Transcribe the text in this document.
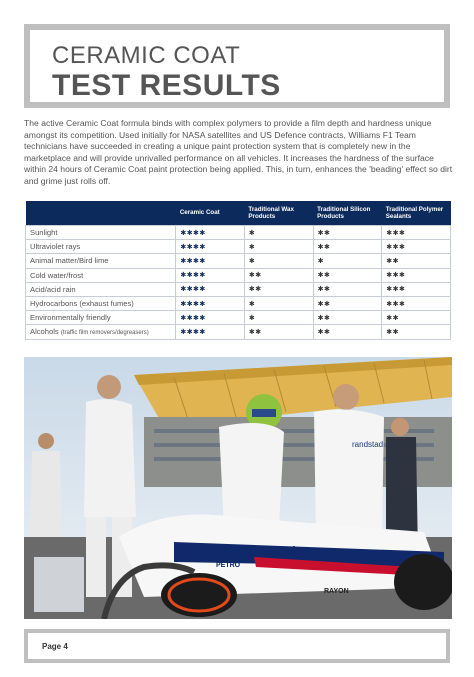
CERAMIC COAT
TEST RESULTS

The active Ceramic Coat formula binds with complex polymers to provide a film depth and hardness unique amongst its competition. Used initially for NASA satellites and US Defence contracts, Williams F1 Team technicians have succeeded in creating a unique paint protection system that is completely new in the marketplace and will provide unrivalled performance on all vehicles. It increases the hardness of the surface within 24 hours of Ceramic Coat paint protection being applied. This, in turn, enhances the 'beading' effect so dirt and grime just rolls off.

	Ceramic Coat	Traditional Wax Products	Traditional Silicon Products	Traditional Polymer Sealants
Sunlight	✱✱✱✱	✱	✱✱	✱✱✱
Ultraviolet rays	✱✱✱✱	✱	✱✱	✱✱✱
Animal matter/Bird lime	✱✱✱✱	✱	✱	✱✱
Cold water/frost	✱✱✱✱	✱✱	✱✱	✱✱✱
Acid/acid rain	✱✱✱✱	✱✱	✱✱	✱✱✱
Hydrocarbons (exhaust fumes)	✱✱✱✱	✱	✱✱	✱✱✱
Environmentally friendly	✱✱✱✱	✱	✱✱	✱✱
Alcohols (traffic film removers/degreasers)	✱✱✱✱	✱✱	✱✱	✱✱
randstad
Experian
PETRO
RAYON
Page 4
